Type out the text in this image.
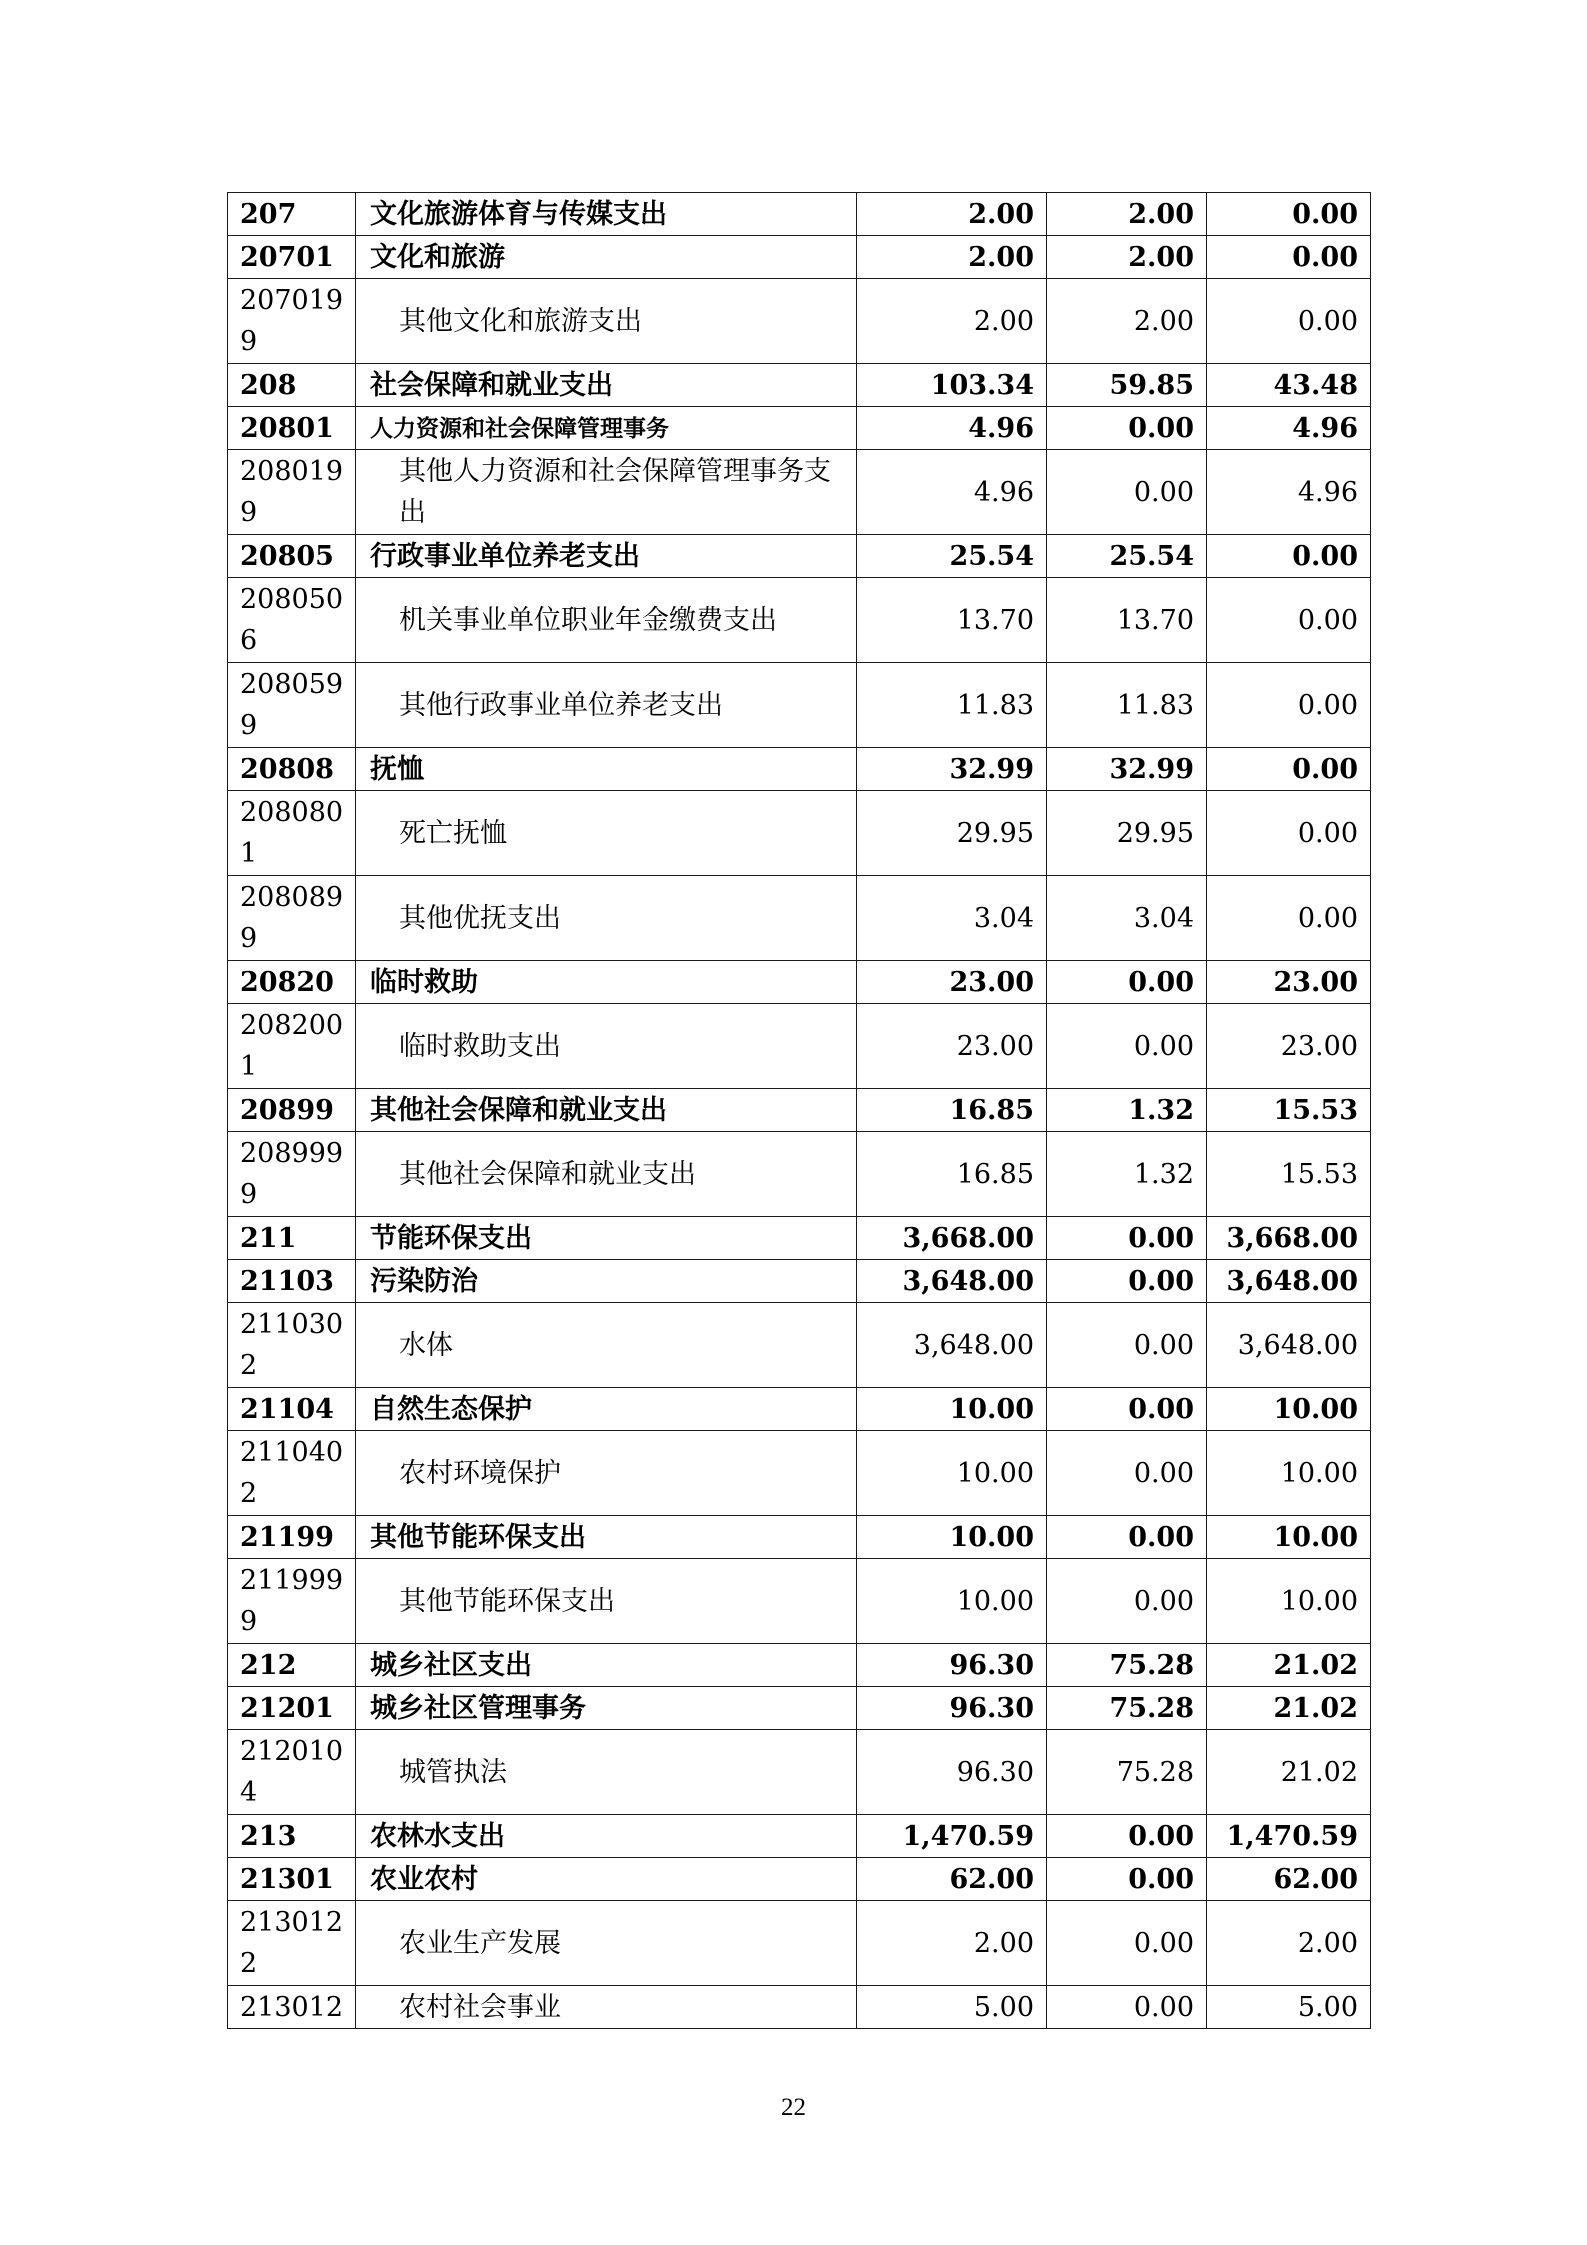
207	文化旅游体育与传媒支出	2.00	2.00	0.00
20701	文化和旅游	2.00	2.00	0.00
2070199	其他文化和旅游支出	2.00	2.00	0.00
208	社会保障和就业支出	103.34	59.85	43.48
20801	人力资源和社会保障管理事务	4.96	0.00	4.96
2080199	其他人力资源和社会保障管理事务支出	4.96	0.00	4.96
20805	行政事业单位养老支出	25.54	25.54	0.00
2080506	机关事业单位职业年金缴费支出	13.70	13.70	0.00
2080599	其他行政事业单位养老支出	11.83	11.83	0.00
20808	抚恤	32.99	32.99	0.00
2080801	死亡抚恤	29.95	29.95	0.00
2080899	其他优抚支出	3.04	3.04	0.00
20820	临时救助	23.00	0.00	23.00
2082001	临时救助支出	23.00	0.00	23.00
20899	其他社会保障和就业支出	16.85	1.32	15.53
2089999	其他社会保障和就业支出	16.85	1.32	15.53
211	节能环保支出	3,668.00	0.00	3,668.00
21103	污染防治	3,648.00	0.00	3,648.00
2110302	水体	3,648.00	0.00	3,648.00
21104	自然生态保护	10.00	0.00	10.00
2110402	农村环境保护	10.00	0.00	10.00
21199	其他节能环保支出	10.00	0.00	10.00
2119999	其他节能环保支出	10.00	0.00	10.00
212	城乡社区支出	96.30	75.28	21.02
21201	城乡社区管理事务	96.30	75.28	21.02
2120104	城管执法	96.30	75.28	21.02
213	农林水支出	1,470.59	0.00	1,470.59
21301	农业农村	62.00	0.00	62.00
2130122	农业生产发展	2.00	0.00	2.00
213012	农村社会事业	5.00	0.00	5.00
22
